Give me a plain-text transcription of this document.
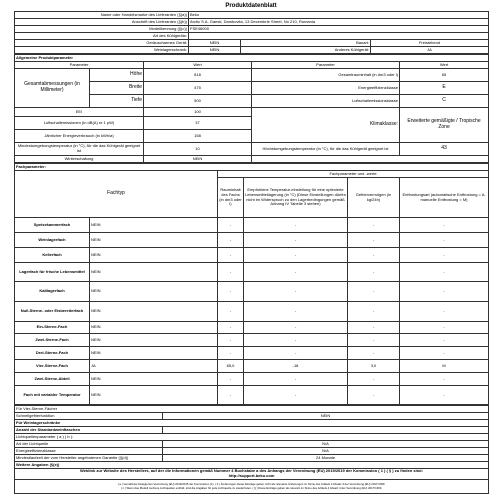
Produktdatenblatt
Name oder Handelsmarke des Lieferanten (§(a))	Beko		
Anschrift des Lieferanten (§(b))	Arctic S.A. Gaesti, Dambovita, 13 Decembrie Street, No 210, Romania		
Modellkennung (§(c))	FSE46000		
Art des Kühlgeräts:			
Geräuscharmes Gerät:	NEIN	Bauart:	Freistehend
Weinlagerschrank:	NEIN	Anderes Kühlgerät:	JA
Allgemeine Produktparameter				
Parameter		Wert	Parameter	Wert
Gesamtabmessungen (in Millimeter)	Höhe	818	Gesamtrauminhalt (in dm3 oder l)	65
	Breite	475	Energieeffizienzklasse	E
	Tiefe	500	Luftschallemissionsklasse	C
EEI		100	Klimaklasse:	Erweiterte gemäßigte / Tropische Zone
Luftschallemissionen (in dB(A) re 1 pW)		37		
Jährlicher Energieverbrauch (in kWh/a)		158		
Mindestumgebungstemperatur (in °C), für die das Kühlgerät geeignet ist		10	Höchstumgebungstemperatur (in °C), für die das Kühlgerät geeignet ist	43
Winterschaltung		NEIN		
Fachparameter:					
Fachtyp		Fachparameter und -werte			
		Rauminhalt des Fachs (in dm3 oder l)	Empfohlene Temperatur-einstellung für eine optimierte Lebensmittellagerung (in °C) (Diese Einstellungen dürfen nicht im Widerspruch zu den Lagerbedingungen gemäß Anhang IV Tabelle 3 stehen)	Gefriervermögen (in kg/24h)	Entfrostungsart (automatische Entfrostung = A, manuelle Entfrostung = M)
Speisekammerfach	NEIN	-	-	-	-
Weinlagerfach	NEIN	-	-	-	-
Kellerfach	NEIN	-	-	-	-
Lagerfach für frische Lebensmittel	NEIN	-	-	-	-
Kaltlagerfach	NEIN	-	-	-	-
Null-Sterne- oder Eisbereiterfach	NEIN	-	-	-	-
Ein-Sterne-Fach	NEIN	-	-	-	-
Zwei-Sterne-Fach	NEIN	-	-	-	-
Drei-Sterne-Fach	NEIN	-	-	-	-
Vier-Sterne-Fach	JA	65,0	-18	3,0	M
Zwei-Sterne-Abteil	NEIN	-	-	-	-
Fach mit variabler Temperatur	NEIN	-	-	-	-
Für Vier-Sterne-Fächer	
Schnellgefrierfunktion	NEIN
Für Weinlagerschränke	
Anzahl der Standardweinflaschen	
Lichtquellenparameter ( a ) ( b ):	
Art der Lichtquelle	N/A
Energieeffizienzklasse	N/A
Mindestlaufzeit der vom Hersteller angebotenen Garantie (§(d))	24 Monate
Weitere Angaben (§(e))	
Weblink zur Website des Herstellers, auf der die Informationen gemäß Nummer 4 Buchstabe a des Anhangs der Verordnung (EU) 2019/2019 der Kommission ( 1 ) ( § ) zu finden sind:
http://support.beko.com	
( a ) Gemäß der Delegierten Verordnung (EU) 2019/2015 der Kommission (1). ( b ) Änderungen dieser Einträge gelten nicht als relevante Änderungen im Sinne des Artikels 4 Absatz 4 der Verordnung (EU) 2017/1369.
( c ) Wenn das Modell mehrere Lichtquellen enthält, sind die Angaben für jede Lichtquelle zu wiederholen. ( § ) Diese Einträge gelten als relevant im Sinne des Artikels 4 Absatz 4 der Verordnung (EU) 2017/1369.	
